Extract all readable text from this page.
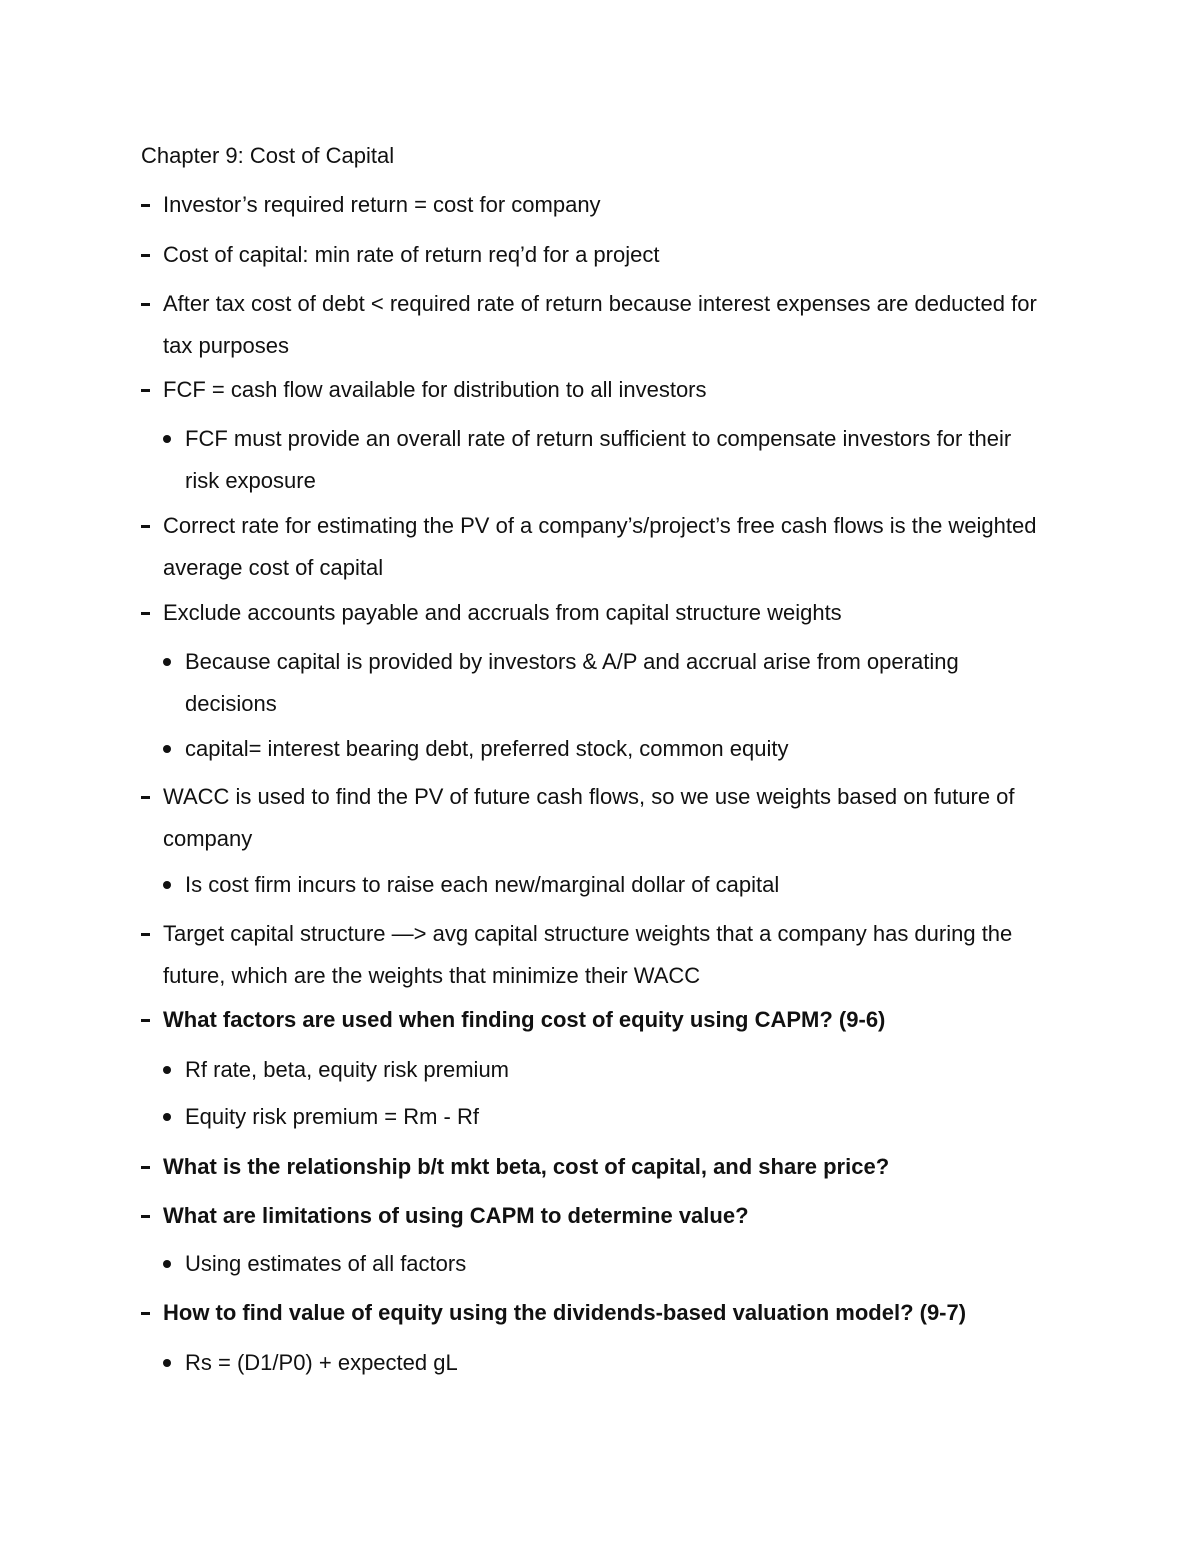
Chapter 9: Cost of Capital
Investor’s required return = cost for company
Cost of capital: min rate of return req’d for a project
After tax cost of debt < required rate of return because interest expenses are deducted for tax purposes
FCF = cash flow available for distribution to all investors
FCF must provide an overall rate of return sufficient to compensate investors for their risk exposure
Correct rate for estimating the PV of a company’s/project’s free cash flows is the weighted average cost of capital
Exclude accounts payable and accruals from capital structure weights
Because capital is provided by investors & A/P and accrual arise from operating decisions
capital= interest bearing debt, preferred stock, common equity
WACC is used to find the PV of future cash flows, so we use weights based on future of company
Is cost firm incurs to raise each new/marginal dollar of capital
Target capital structure —> avg capital structure weights that a company has during the future, which are the weights that minimize their WACC
What factors are used when finding cost of equity using CAPM? (9-6)
Rf rate, beta, equity risk premium
Equity risk premium = Rm - Rf
What is the relationship b/t mkt beta, cost of capital, and share price?
What are limitations of using CAPM to determine value?
Using estimates of all factors
How to find value of equity using the dividends-based valuation model? (9-7)
Rs = (D1/P0) + expected gL
